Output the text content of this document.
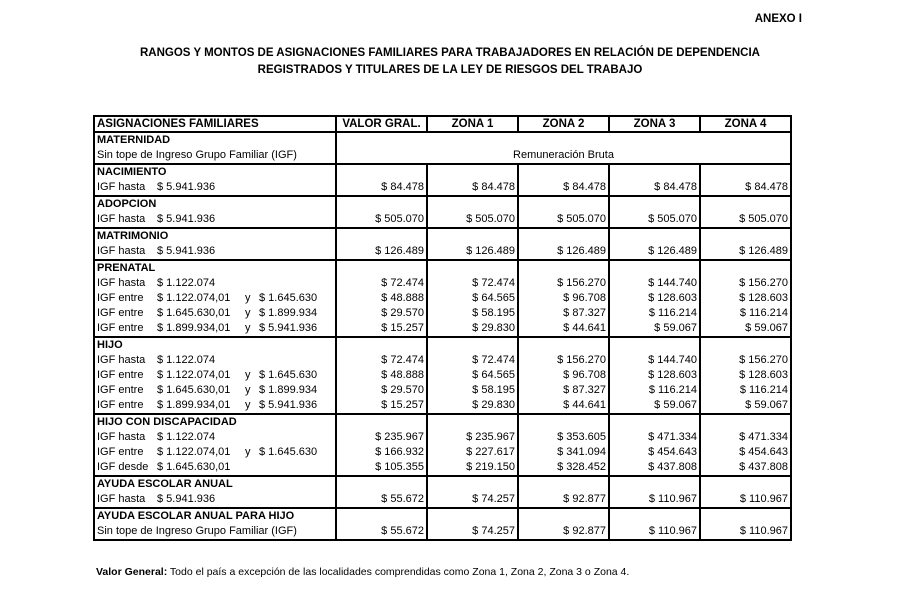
ANEXO I
RANGOS Y MONTOS DE ASIGNACIONES FAMILIARES PARA TRABAJADORES EN RELACIÓN DE DEPENDENCIA
REGISTRADOS Y TITULARES DE LA LEY DE RIESGOS DEL TRABAJO
ASIGNACIONES FAMILIARES	VALOR GRAL.	ZONA 1	ZONA 2	ZONA 3	ZONA 4
MATERNIDAD					
Sin tope de Ingreso Grupo Familiar (IGF)	Remuneración Bruta				
NACIMIENTO					
IGF hasta $ 5.941.936	$ 84.478	$ 84.478	$ 84.478	$ 84.478	$ 84.478
ADOPCION					
IGF hasta $ 5.941.936	$ 505.070	$ 505.070	$ 505.070	$ 505.070	$ 505.070
MATRIMONIO					
IGF hasta $ 5.941.936	$ 126.489	$ 126.489	$ 126.489	$ 126.489	$ 126.489
PRENATAL					
IGF hasta $ 1.122.074	$ 72.474	$ 72.474	$ 156.270	$ 144.740	$ 156.270
IGF entre $ 1.122.074,01 y $ 1.645.630	$ 48.888	$ 64.565	$ 96.708	$ 128.603	$ 128.603
IGF entre $ 1.645.630,01 y $ 1.899.934	$ 29.570	$ 58.195	$ 87.327	$ 116.214	$ 116.214
IGF entre $ 1.899.934,01 y $ 5.941.936	$ 15.257	$ 29.830	$ 44.641	$ 59.067	$ 59.067
HIJO					
IGF hasta $ 1.122.074	$ 72.474	$ 72.474	$ 156.270	$ 144.740	$ 156.270
IGF entre $ 1.122.074,01 y $ 1.645.630	$ 48.888	$ 64.565	$ 96.708	$ 128.603	$ 128.603
IGF entre $ 1.645.630,01 y $ 1.899.934	$ 29.570	$ 58.195	$ 87.327	$ 116.214	$ 116.214
IGF entre $ 1.899.934,01 y $ 5.941.936	$ 15.257	$ 29.830	$ 44.641	$ 59.067	$ 59.067
HIJO CON DISCAPACIDAD					
IGF hasta $ 1.122.074	$ 235.967	$ 235.967	$ 353.605	$ 471.334	$ 471.334
IGF entre $ 1.122.074,01 y $ 1.645.630	$ 166.932	$ 227.617	$ 341.094	$ 454.643	$ 454.643
IGF desde $ 1.645.630,01	$ 105.355	$ 219.150	$ 328.452	$ 437.808	$ 437.808
AYUDA ESCOLAR ANUAL					
IGF hasta $ 5.941.936	$ 55.672	$ 74.257	$ 92.877	$ 110.967	$ 110.967
AYUDA ESCOLAR ANUAL PARA HIJO					
Sin tope de Ingreso Grupo Familiar (IGF)	$ 55.672	$ 74.257	$ 92.877	$ 110.967	$ 110.967
Valor General: Todo el país a excepción de las localidades comprendidas como Zona 1, Zona 2, Zona 3 o Zona 4.
